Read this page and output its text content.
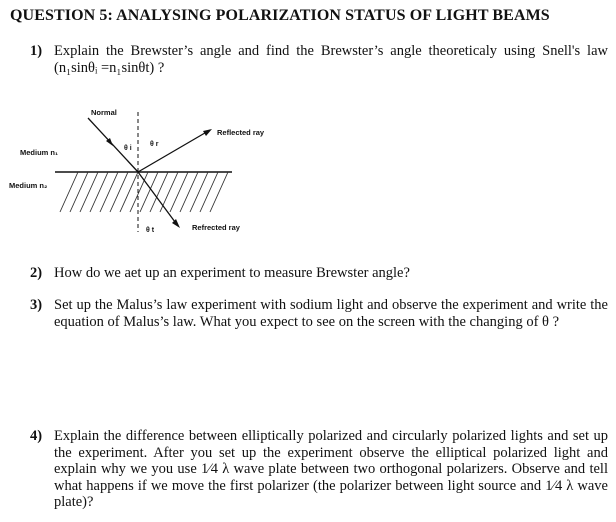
QUESTION 5: ANALYSING POLARIZATION STATUS OF LIGHT BEAMS
1) Explain the Brewster’s angle and find the Brewster’s angle theoreticaly using Snell's law (n₁sinθᵢ =n₁sinθt) ?
Normal
Reflected ray
Refrected ray
Medium n₁
Medium n₂
θ i
θ r
θ t
2) How do we aet up an experiment to measure Brewster angle?
3) Set up the Malus’s law experiment with sodium light and observe the experiment and write the equation of Malus’s law. What you expect to see on the screen with the changing of θ ?
4) Explain the difference between elliptically polarized and circularly polarized lights and set up the experiment. After you set up the experiment observe the elliptical polarized light and explain why we you use 1⁄4 λ wave plate between two orthogonal polarizers. Observe and tell what happens if we move the first polarizer (the polarizer between light source and 1⁄4 λ wave plate)?
